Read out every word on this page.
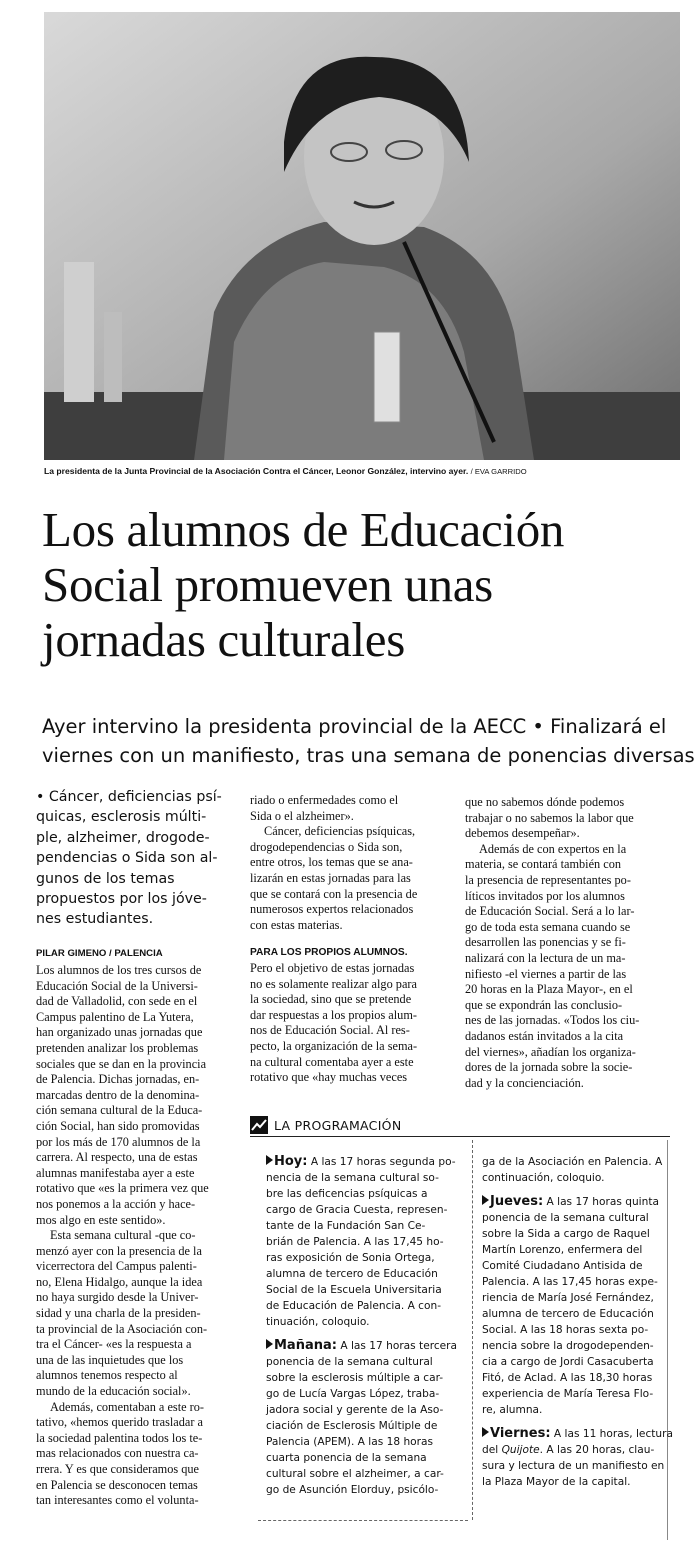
La presidenta de la Junta Provincial de la Asociación Contra el Cáncer, Leonor González, intervino ayer. / EVA GARRIDO
Los alumnos de Educación
Social promueven unas
jornadas culturales
Ayer intervino la presidenta provincial de la AECC • Finalizará el
viernes con un manifiesto, tras una semana de ponencias diversas
• Cáncer, deficiencias psí-
quicas, esclerosis múlti-
ple, alzheimer, drogode-
pendencias o Sida son al-
gunos de los temas
propuestos por los jóve-
nes estudiantes.
PILAR GIMENO / PALENCIA
Los alumnos de los tres cursos de
Educación Social de la Universi-
dad de Valladolid, con sede en el
Campus palentino de La Yutera,
han organizado unas jornadas que
pretenden analizar los problemas
sociales que se dan en la provincia
de Palencia. Dichas jornadas, en-
marcadas dentro de la denomina-
ción semana cultural de la Educa-
ción Social, han sido promovidas
por los más de 170 alumnos de la
carrera. Al respecto, una de estas
alumnas manifestaba ayer a este
rotativo que «es la primera vez que
nos ponemos a la acción y hace-
mos algo en este sentido».
Esta semana cultural -que co-
menzó ayer con la presencia de la
vicerrectora del Campus palenti-
no, Elena Hidalgo, aunque la idea
no haya surgido desde la Univer-
sidad y una charla de la presiden-
ta provincial de la Asociación con-
tra el Cáncer- «es la respuesta a
una de las inquietudes que los
alumnos tenemos respecto al
mundo de la educación social».
Además, comentaban a este ro-
tativo, «hemos querido trasladar a
la sociedad palentina todos los te-
mas relacionados con nuestra ca-
rrera. Y es que consideramos que
en Palencia se desconocen temas
tan interesantes como el volunta-
riado o enfermedades como el
Sida o el alzheimer».
Cáncer, deficiencias psíquicas,
drogodependencias o Sida son,
entre otros, los temas que se ana-
lizarán en estas jornadas para las
que se contará con la presencia de
numerosos expertos relacionados
con estas materias.
PARA LOS PROPIOS ALUMNOS.
Pero el objetivo de estas jornadas
no es solamente realizar algo para
la sociedad, sino que se pretende
dar respuestas a los propios alum-
nos de Educación Social. Al res-
pecto, la organización de la sema-
na cultural comentaba ayer a este
rotativo que «hay muchas veces
que no sabemos dónde podemos
trabajar o no sabemos la labor que
debemos desempeñar».
Además de con expertos en la
materia, se contará también con
la presencia de representantes po-
líticos invitados por los alumnos
de Educación Social. Será a lo lar-
go de toda esta semana cuando se
desarrollen las ponencias y se fi-
nalizará con la lectura de un ma-
nifiesto -el viernes a partir de las
20 horas en la Plaza Mayor-, en el
que se expondrán las conclusio-
nes de las jornadas. «Todos los ciu-
dadanos están invitados a la cita
del viernes», añadían los organiza-
dores de la jornada sobre la socie-
dad y la concienciación.
LA PROGRAMACIÓN
Hoy: A las 17 horas segunda po-
nencia de la semana cultural so-
bre las deficencias psíquicas a
cargo de Gracia Cuesta, represen-
tante de la Fundación San Ce-
brián de Palencia. A las 17,45 ho-
ras exposición de Sonia Ortega,
alumna de tercero de Educación
Social de la Escuela Universitaria
de Educación de Palencia. A con-
tinuación, coloquio.
Mañana: A las 17 horas tercera
ponencia de la semana cultural
sobre la esclerosis múltiple a car-
go de Lucía Vargas López, traba-
jadora social y gerente de la Aso-
ciación de Esclerosis Múltiple de
Palencia (APEM). A las 18 horas
cuarta ponencia de la semana
cultural sobre el alzheimer, a car-
go de Asunción Elorduy, psicólo-
ga de la Asociación en Palencia. A
continuación, coloquio.
Jueves: A las 17 horas quinta
ponencia de la semana cultural
sobre la Sida a cargo de Raquel
Martín Lorenzo, enfermera del
Comité Ciudadano Antisida de
Palencia. A las 17,45 horas expe-
riencia de María José Fernández,
alumna de tercero de Educación
Social. A las 18 horas sexta po-
nencia sobre la drogodependen-
cia a cargo de Jordi Casacuberta
Fitó, de Aclad. A las 18,30 horas
experiencia de María Teresa Flo-
re, alumna.
Viernes: A las 11 horas, lectura
del Quijote. A las 20 horas, clau-
sura y lectura de un manifiesto en
la Plaza Mayor de la capital.
